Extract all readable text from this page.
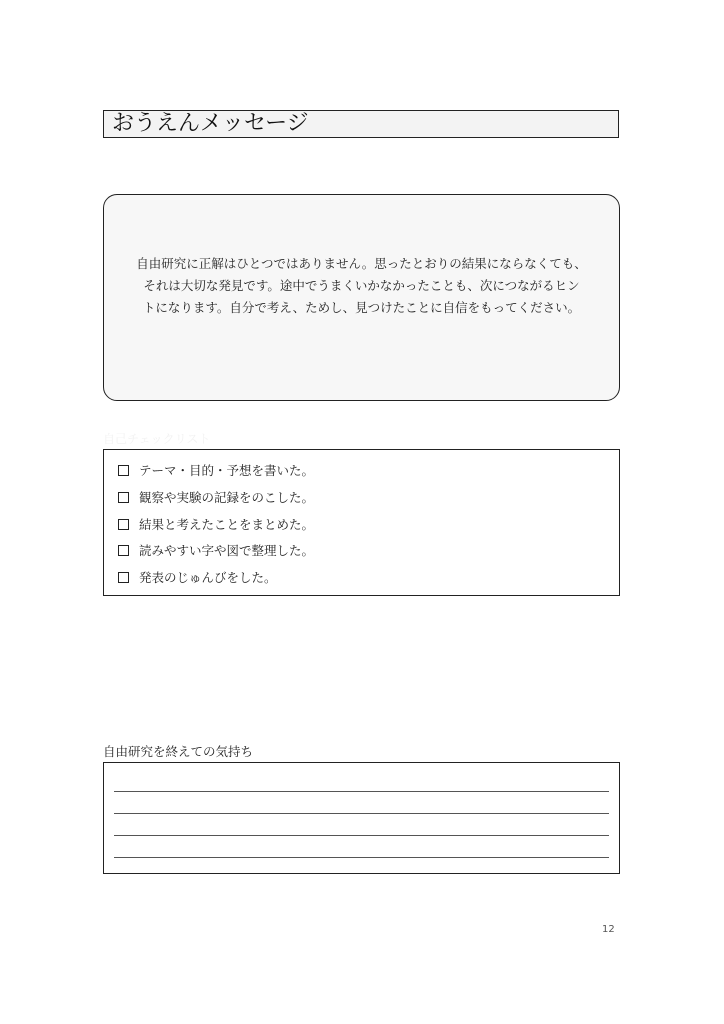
おうえんメッセージ
自由研究に正解はひとつではありません。思ったとおりの結果にならなくても、
それは大切な発見です。途中でうまくいかなかったことも、次につながるヒン
トになります。自分で考え、ためし、見つけたことに自信をもってください。
自己チェックリスト
テーマ・目的・予想を書いた。
観察や実験の記録をのこした。
結果と考えたことをまとめた。
読みやすい字や図で整理した。
発表のじゅんびをした。
自由研究を終えての気持ち
12
